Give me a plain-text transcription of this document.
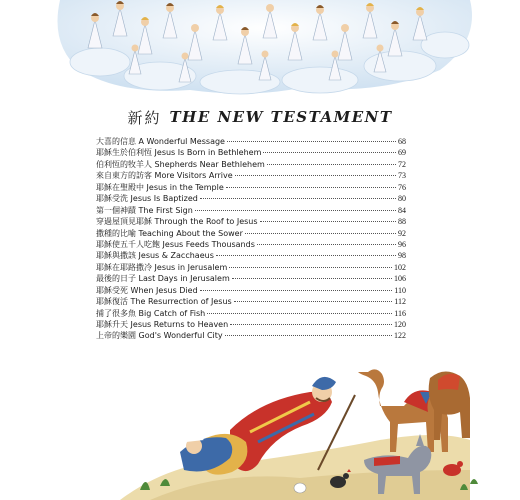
新約 THE NEW TESTAMENT
大喜的信息 A Wonderful Message	68
耶穌生於伯利恆 Jesus Is Born in Bethlehem	69
伯利恆的牧羊人 Shepherds Near Bethlehem	72
來自東方的訪客 More Visitors Arrive	73
耶穌在聖殿中 Jesus in the Temple	76
耶穌受洗 Jesus Is Baptized	80
第一個神蹟 The First Sign	84
穿過屋頂見耶穌 Through the Roof to Jesus	88
撒種的比喻 Teaching About the Sower	92
耶穌使五千人吃飽 Jesus Feeds Thousands	96
耶穌與撒該 Jesus & Zacchaeus	98
耶穌在耶路撒冷 Jesus in Jerusalem	102
最後的日子 Last Days in Jerusalem	106
耶穌受死 When Jesus Died	110
耶穌復活 The Resurrection of Jesus	112
捕了很多魚 Big Catch of Fish	116
耶穌升天 Jesus Returns to Heaven	120
上帝的樂園 God's Wonderful City	122
